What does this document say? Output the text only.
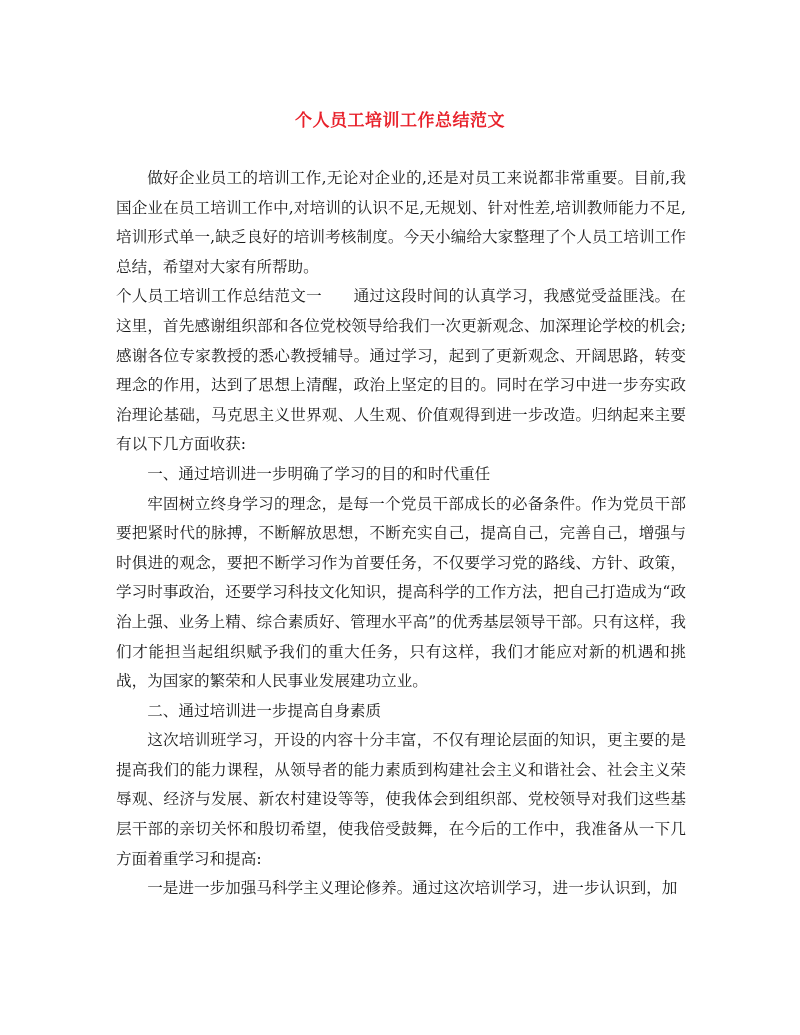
个人员工培训工作总结范文

做好企业员工的培训工作,无论对企业的,还是对员工来说都非常重要。目前,我国企业在员工培训工作中,对培训的认识不足,无规划、针对性差,培训教师能力不足,培训形式单一,缺乏良好的培训考核制度。今天小编给大家整理了个人员工培训工作总结，希望对大家有所帮助。

个人员工培训工作总结范文一　　通过这段时间的认真学习，我感觉受益匪浅。在这里，首先感谢组织部和各位党校领导给我们一次更新观念、加深理论学校的机会;感谢各位专家教授的悉心教授辅导。通过学习，起到了更新观念、开阔思路，转变理念的作用，达到了思想上清醒，政治上坚定的目的。同时在学习中进一步夯实政治理论基础，马克思主义世界观、人生观、价值观得到进一步改造。归纳起来主要有以下几方面收获:

一、通过培训进一步明确了学习的目的和时代重任

牢固树立终身学习的理念，是每一个党员干部成长的必备条件。作为党员干部要把紧时代的脉搏，不断解放思想，不断充实自己，提高自己，完善自己，增强与时俱进的观念，要把不断学习作为首要任务，不仅要学习党的路线、方针、政策，学习时事政治，还要学习科技文化知识，提高科学的工作方法，把自己打造成为“政治上强、业务上精、综合素质好、管理水平高”的优秀基层领导干部。只有这样，我们才能担当起组织赋予我们的重大任务，只有这样，我们才能应对新的机遇和挑战，为国家的繁荣和人民事业发展建功立业。

二、通过培训进一步提高自身素质

这次培训班学习，开设的内容十分丰富，不仅有理论层面的知识，更主要的是提高我们的能力课程，从领导者的能力素质到构建社会主义和谐社会、社会主义荣辱观、经济与发展、新农村建设等等，使我体会到组织部、党校领导对我们这些基层干部的亲切关怀和殷切希望，使我倍受鼓舞，在今后的工作中，我准备从一下几方面着重学习和提高:

一是进一步加强马科学主义理论修养。通过这次培训学习，进一步认识到，加
